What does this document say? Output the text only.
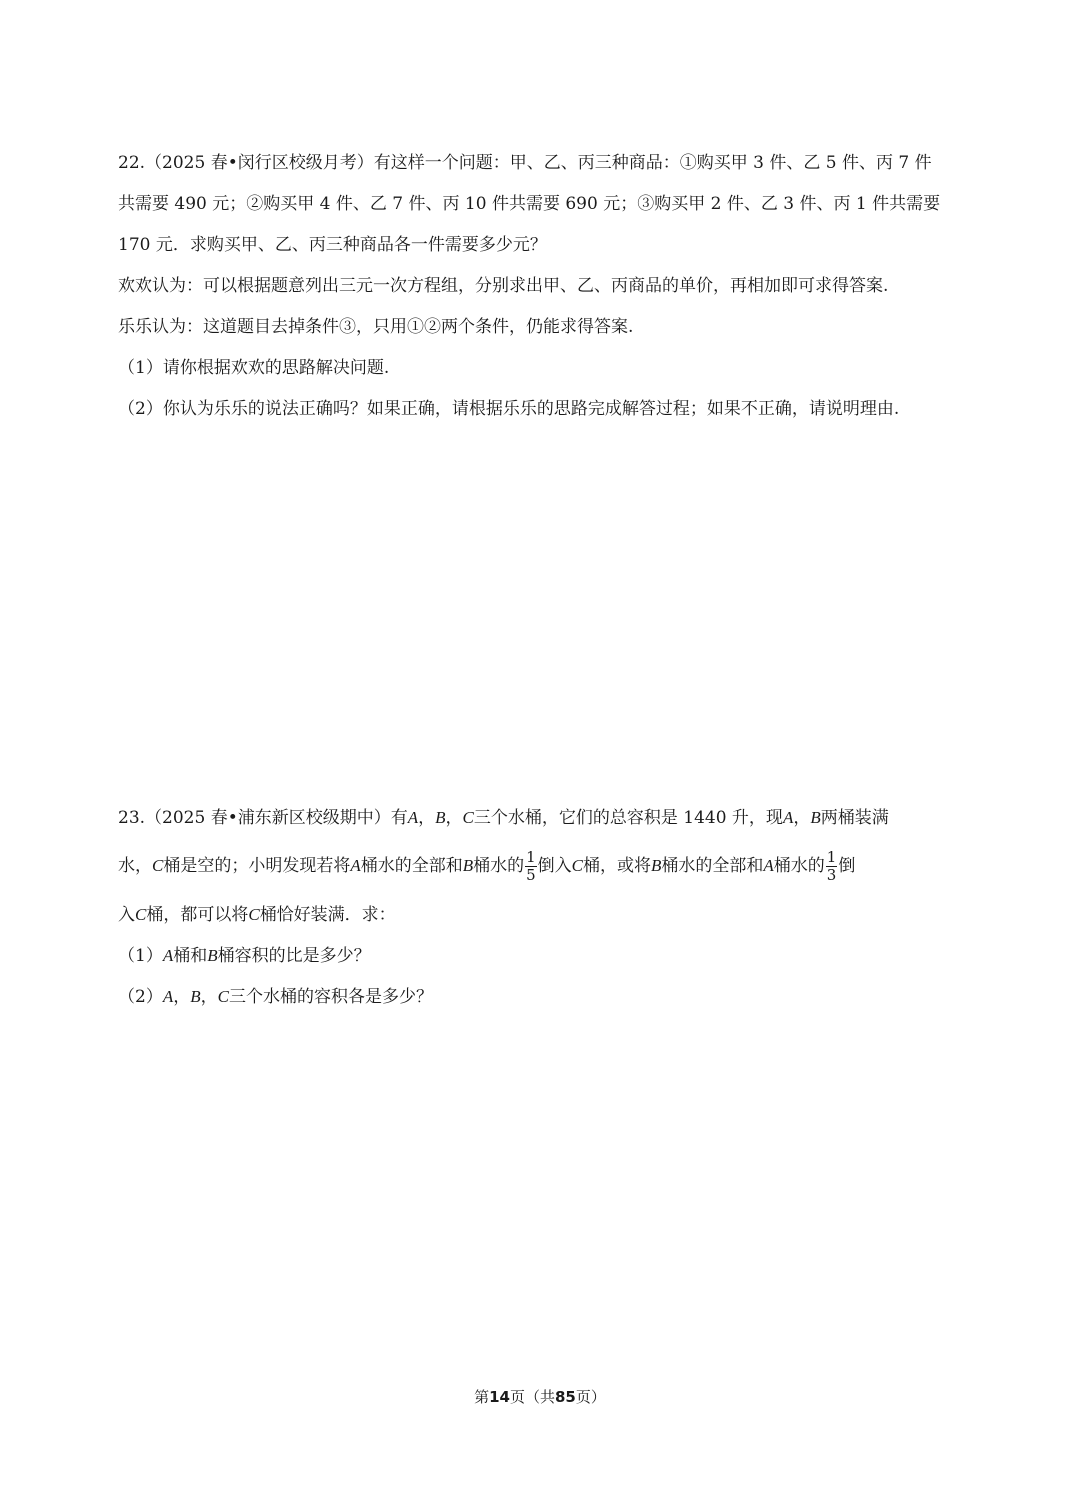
22.（2025 春•闵行区校级月考）有这样一个问题：甲、乙、丙三种商品：①购买甲 3 件、乙 5 件、丙 7 件
共需要 490 元；②购买甲 4 件、乙 7 件、丙 10 件共需要 690 元；③购买甲 2 件、乙 3 件、丙 1 件共需要
170 元．求购买甲、乙、丙三种商品各一件需要多少元？
欢欢认为：可以根据题意列出三元一次方程组，分别求出甲、乙、丙商品的单价，再相加即可求得答案.
乐乐认为：这道题目去掉条件③，只用①②两个条件，仍能求得答案.
（1）请你根据欢欢的思路解决问题.
（2）你认为乐乐的说法正确吗？如果正确，请根据乐乐的思路完成解答过程；如果不正确，请说明理由.
23.（2025 春•浦东新区校级期中）有A，B，C三个水桶，它们的总容积是 1440 升，现A，B两桶装满
水，C桶是空的；小明发现若将A桶水的全部和B桶水的 $\frac{1}{5}$ 倒入C桶，或将B桶水的全部和A桶水的 $\frac{1}{3}$ 倒
入C桶，都可以将C桶恰好装满．求：
（1）A桶和B桶容积的比是多少？
（2）A，B，C三个水桶的容积各是多少？
第14页（共85页）
